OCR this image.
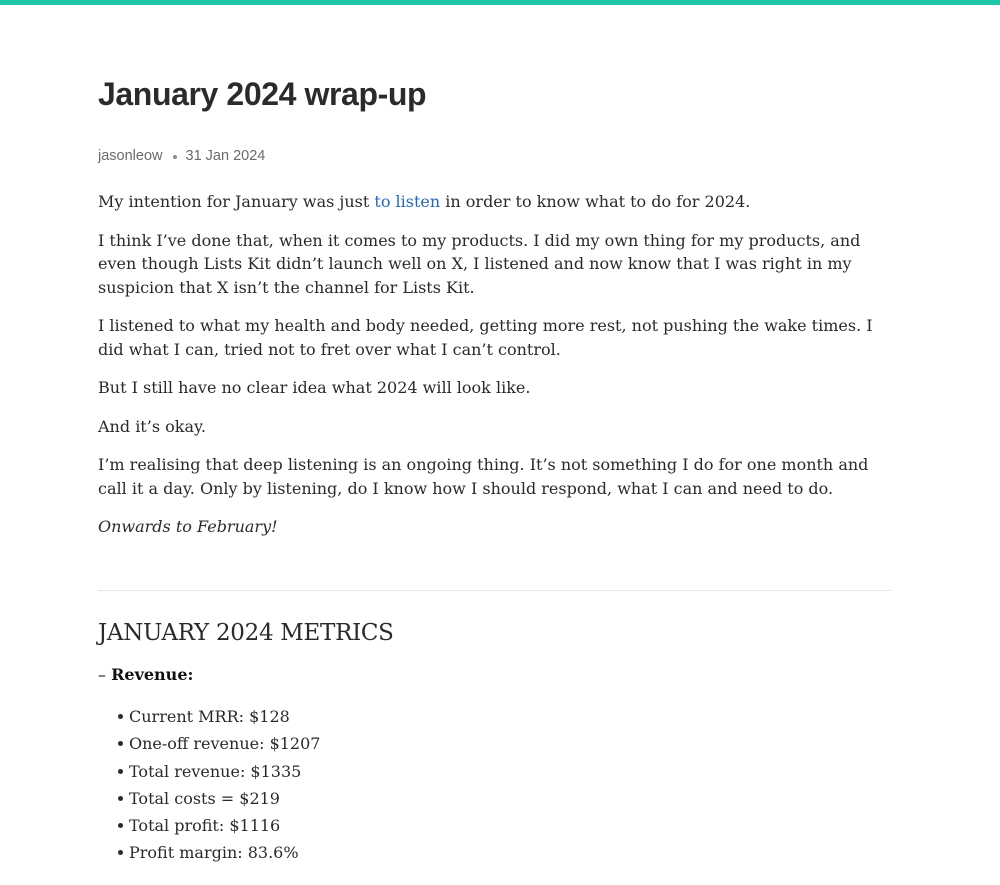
January 2024 wrap-up
jasonleow 31 Jan 2024

My intention for January was just to listen in order to know what to do for 2024.

I think I’ve done that, when it comes to my products. I did my own thing for my products, and even though Lists Kit didn’t launch well on X, I listened and now know that I was right in my suspicion that X isn’t the channel for Lists Kit.

I listened to what my health and body needed, getting more rest, not pushing the wake times. I did what I can, tried not to fret over what I can’t control.

But I still have no clear idea what 2024 will look like.

And it’s okay.

I’m realising that deep listening is an ongoing thing. It’s not something I do for one month and call it a day. Only by listening, do I know how I should respond, what I can and need to do.

Onwards to February!

JANUARY 2024 METRICS
– Revenue:
Current MRR: $128
One-off revenue: $1207
Total revenue: $1335
Total costs = $219
Total profit: $1116
Profit margin: 83.6%
